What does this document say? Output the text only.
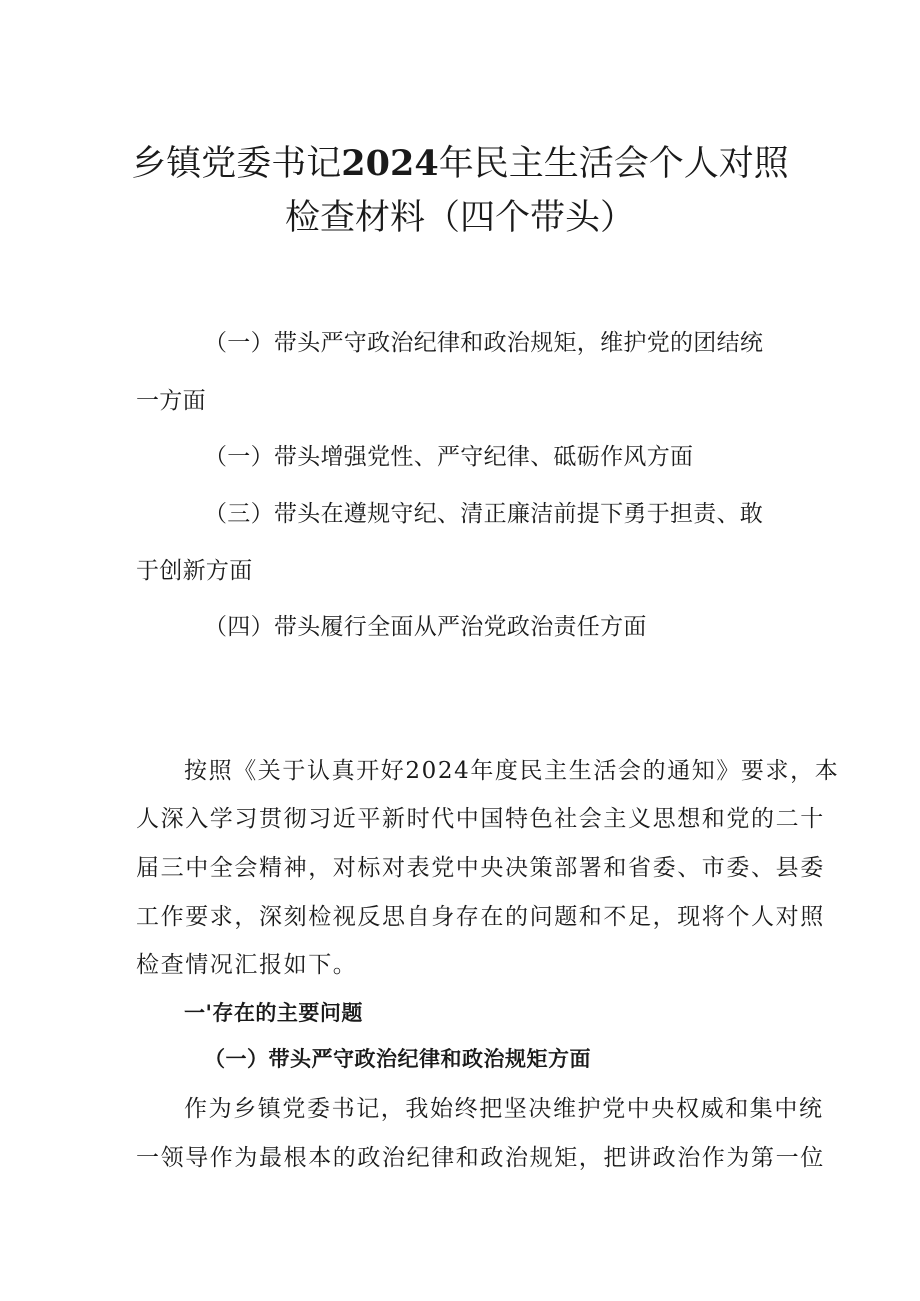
乡镇党委书记2024年民主生活会个人对照
检查材料（四个带头）
（一）带头严守政治纪律和政治规矩，维护党的团结统
一方面
（一）带头增强党性、严守纪律、砥砺作风方面
（三）带头在遵规守纪、清正廉洁前提下勇于担责、敢
于创新方面
（四）带头履行全面从严治党政治责任方面
按照《关于认真开好2024年度民主生活会的通知》要求，本
人深入学习贯彻习近平新时代中国特色社会主义思想和党的二十
届三中全会精神，对标对表党中央决策部署和省委、市委、县委
工作要求，深刻检视反思自身存在的问题和不足，现将个人对照
检查情况汇报如下。
一'存在的主要问题
（一）带头严守政治纪律和政治规矩方面
作为乡镇党委书记，我始终把坚决维护党中央权威和集中统
一领导作为最根本的政治纪律和政治规矩，把讲政治作为第一位
